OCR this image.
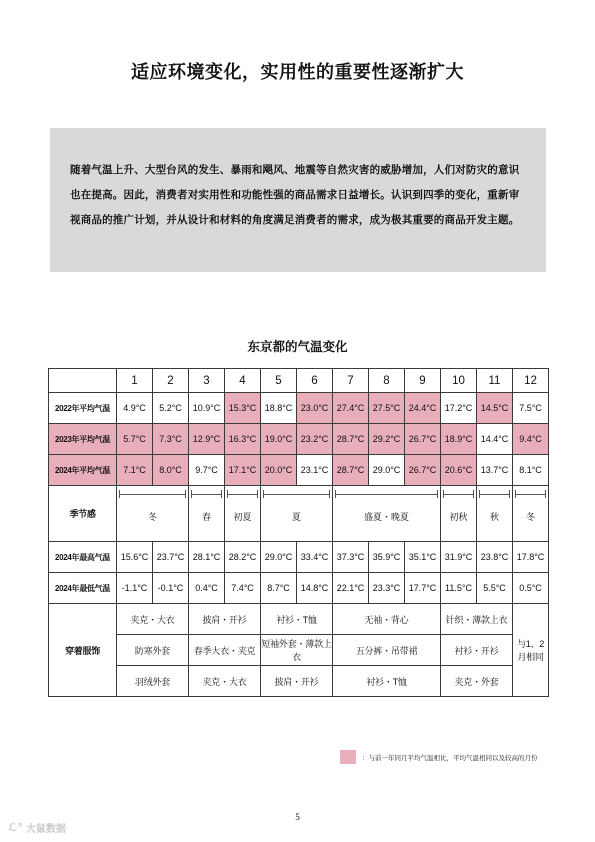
适应环境变化，实用性的重要性逐渐扩大

随着气温上升、大型台风的发生、暴雨和飓风、地震等自然灾害的威胁增加，人们对防灾的意识也在提高。因此，消费者对实用性和功能性强的商品需求日益增长。认识到四季的变化，重新审视商品的推广计划，并从设计和材料的角度满足消费者的需求，成为极其重要的商品开发主题。

东京都的气温变化
	1	2	3	4	5	6	7	8	9	10	11	12
2022年平均气温	4.9°C	5.2°C	10.9°C	15.3°C	18.8°C	23.0°C	27.4°C	27.5°C	24.4°C	17.2°C	14.5°C	7.5°C
2023年平均气温	5.7°C	7.3°C	12.9°C	16.3°C	19.0°C	23.2°C	28.7°C	29.2°C	26.7°C	18.9°C	14.4°C	9.4°C
2024年平均气温	7.1°C	8.0°C	9.7°C	17.1°C	20.0°C	23.1°C	28.7°C	29.0°C	26.7°C	20.6°C	13.7°C	8.1°C
季节感	冬		春	初夏	夏		盛夏・晚夏			初秋	秋	冬

2024年最高气温	15.6°C	23.7°C	28.1°C	28.2°C	29.0°C	33.4°C	37.3°C	35.9°C	35.1°C	31.9°C	23.8°C	17.8°C
2024年最低气温	-1.1°C	-0.1°C	0.4°C	7.4°C	8.7°C	14.8°C	22.1°C	23.3°C	17.7°C	11.5°C	5.5°C	0.5°C
穿着服饰	夹克・大衣		披肩・开衫		衬衫・T恤		无袖・背心			针织・薄款上衣		与1、2月相同
	防寒外套		春季大衣・夹克		短袖外套・薄款上衣		五分裤・吊带裙			衬衫・开衫		
	羽绒外套		夹克・大衣		披肩・开衫		衬衫・T恤			夹克・外套		
：与前一年同月平均气温相比，平均气温相同以及较高的月份
5
ℒ° 大鼠数据
